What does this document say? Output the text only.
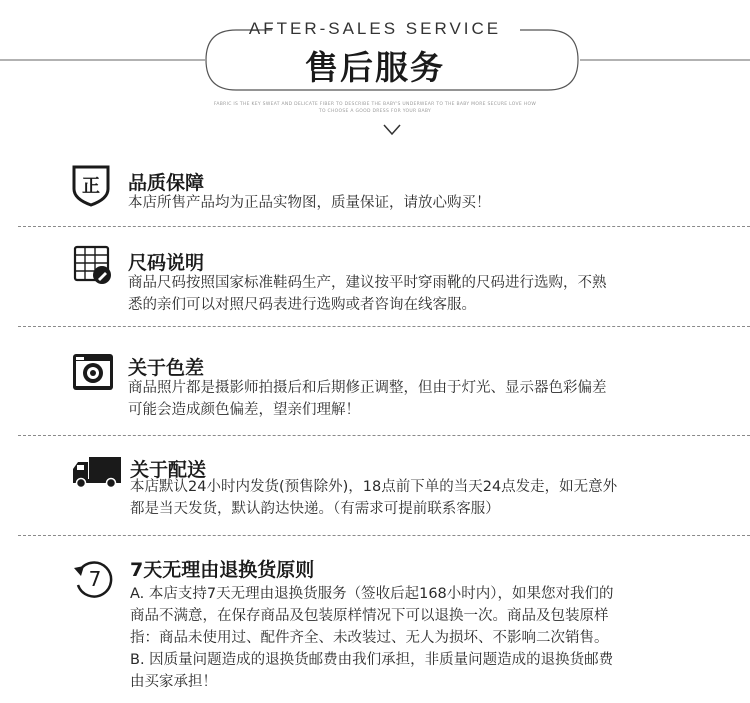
AFTER-SALES SERVICE
售后服务
FABRIC IS THE KEY SWEAT AND DELICATE FIBER TO DESCRIBE THE BABY'S UNDERWEAR TO THE BABY MORE SECURE LOVE HOW
TO CHOOSE A GOOD DRESS FOR YOUR BABY
正 品质保障
本店所售产品均为正品实物图，质量保证，请放心购买！
尺码说明
商品尺码按照国家标准鞋码生产，建议按平时穿雨靴的尺码进行选购，不熟
悉的亲们可以对照尺码表进行选购或者咨询在线客服。
关于色差
商品照片都是摄影师拍摄后和后期修正调整，但由于灯光、显示器色彩偏差
可能会造成颜色偏差，望亲们理解！
关于配送
本店默认24小时内发货(预售除外)，18点前下单的当天24点发走，如无意外
都是当天发货，默认韵达快递。（有需求可提前联系客服）
7 7天无理由退换货原则
A. 本店支持7天无理由退换货服务（签收后起168小时内），如果您对我们的
商品不满意，在保存商品及包装原样情况下可以退换一次。商品及包装原样
指：商品未使用过、配件齐全、未改装过、无人为损坏、不影响二次销售。
B. 因质量问题造成的退换货邮费由我们承担，非质量问题造成的退换货邮费
由买家承担！
